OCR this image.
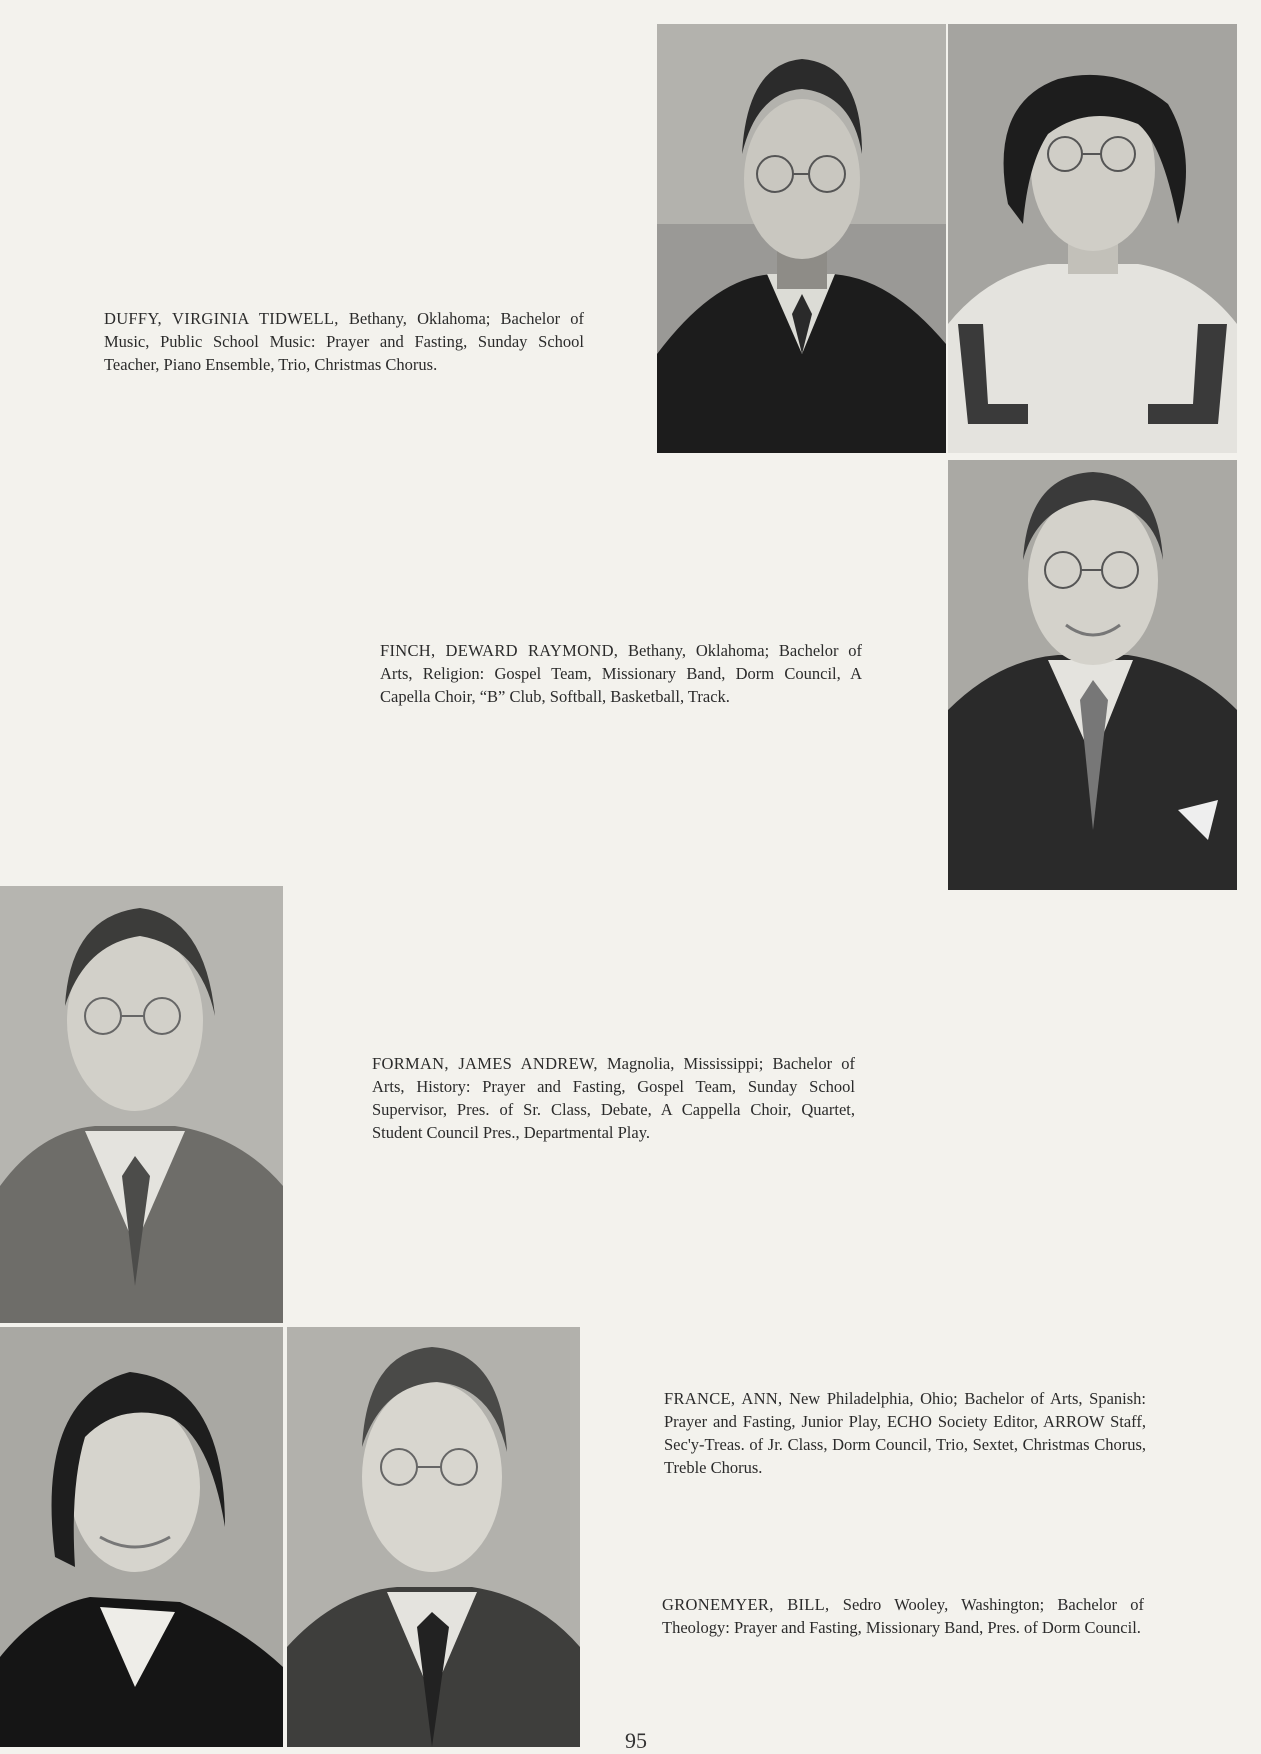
DUFFY, VIRGINIA TIDWELL, Bethany, Oklahoma; Bachelor of Music, Public School Music: Prayer and Fasting, Sunday School Teacher, Piano Ensemble, Trio, Christmas Chorus.
FINCH, DEWARD RAYMOND, Bethany, Oklahoma; Bachelor of Arts, Religion: Gospel Team, Missionary Band, Dorm Council, A Capella Choir, “B” Club, Softball, Basketball, Track.
FORMAN, JAMES ANDREW, Magnolia, Mississippi; Bachelor of Arts, History: Prayer and Fasting, Gospel Team, Sunday School Supervisor, Pres. of Sr. Class, Debate, A Cappella Choir, Quartet, Student Council Pres., Departmental Play.
FRANCE, ANN, New Philadelphia, Ohio; Bachelor of Arts, Spanish: Prayer and Fasting, Junior Play, ECHO Society Editor, ARROW Staff, Sec'y-Treas. of Jr. Class, Dorm Council, Trio, Sextet, Christmas Chorus, Treble Chorus.
GRONEMYER, BILL, Sedro Wooley, Washington; Bachelor of Theology: Prayer and Fasting, Missionary Band, Pres. of Dorm Council.
95
